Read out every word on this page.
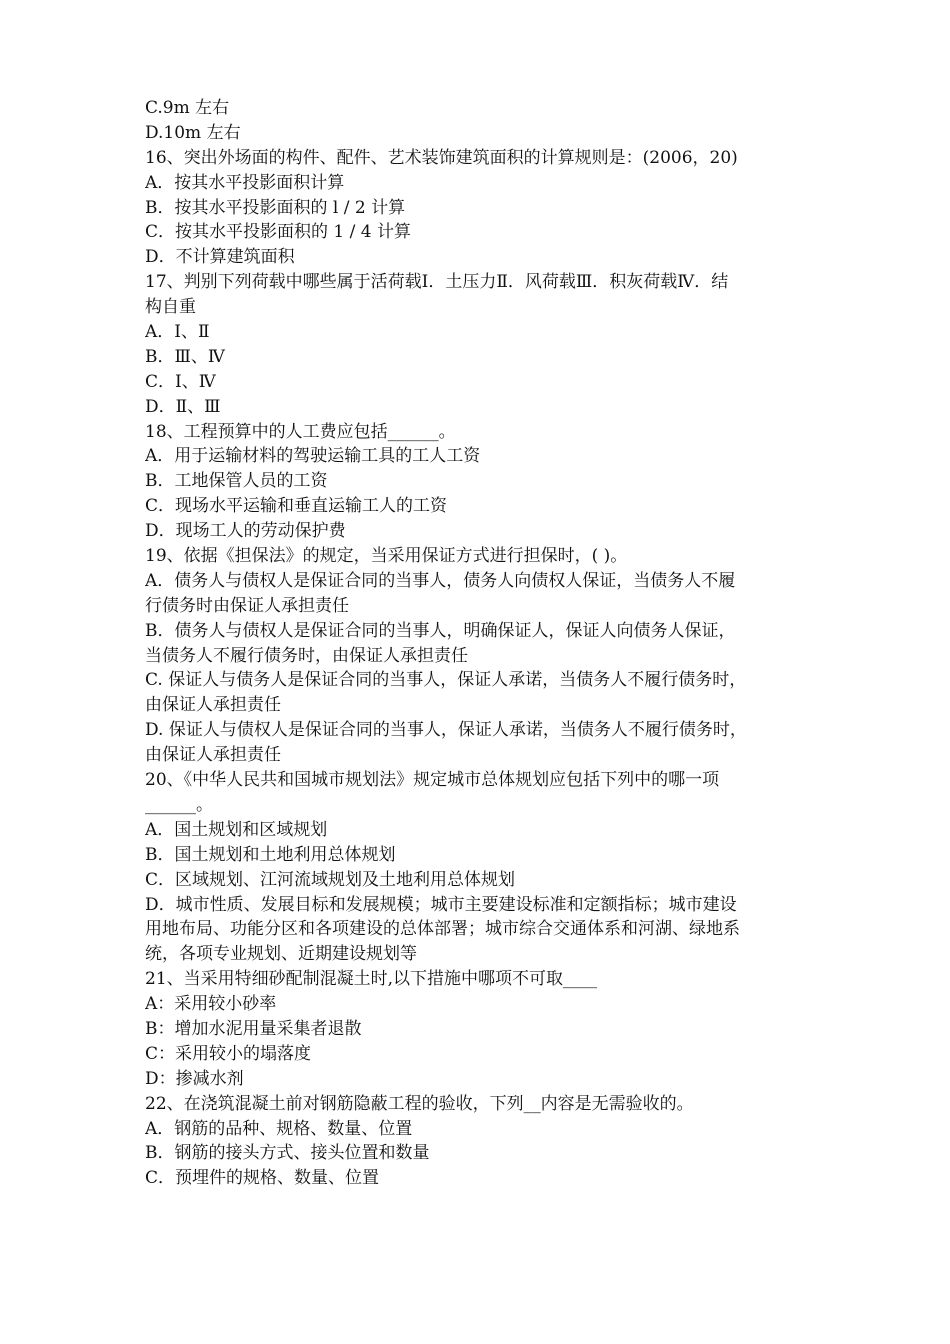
C.9m 左右
D.10m 左右
16、突出外场面的构件、配件、艺术装饰建筑面积的计算规则是：(2006，20)
A．按其水平投影面积计算
B．按其水平投影面积的 l / 2 计算
C．按其水平投影面积的 1 / 4 计算
D．不计算建筑面积
17、判别下列荷载中哪些属于活荷载Ⅰ．土压力Ⅱ．风荷载Ⅲ．积灰荷载Ⅳ．结
构自重
A．Ⅰ、Ⅱ
B．Ⅲ、Ⅳ
C．Ⅰ、Ⅳ
D．Ⅱ、Ⅲ
18、工程预算中的人工费应包括______。
A．用于运输材料的驾驶运输工具的工人工资
B．工地保管人员的工资
C．现场水平运输和垂直运输工人的工资
D．现场工人的劳动保护费
19、依据《担保法》的规定，当采用保证方式进行担保时，( )。
A．债务人与债权人是保证合同的当事人，债务人向债权人保证，当债务人不履
行债务时由保证人承担责任
B．债务人与债权人是保证合同的当事人，明确保证人，保证人向债务人保证，
当债务人不履行债务时，由保证人承担责任
C. 保证人与债务人是保证合同的当事人，保证人承诺，当债务人不履行债务时，
由保证人承担责任
D. 保证人与债权人是保证合同的当事人，保证人承诺，当债务人不履行债务时，
由保证人承担责任
20、《中华人民共和国城市规划法》规定城市总体规划应包括下列中的哪一项
______。
A．国土规划和区域规划
B．国土规划和土地利用总体规划
C．区域规划、江河流域规划及土地利用总体规划
D．城市性质、发展目标和发展规模；城市主要建设标准和定额指标；城市建设
用地布局、功能分区和各项建设的总体部署；城市综合交通体系和河湖、绿地系
统，各项专业规划、近期建设规划等
21、当采用特细砂配制混凝土时,以下措施中哪项不可取____
A：采用较小砂率
B：增加水泥用量采集者退散
C：采用较小的塌落度
D：掺减水剂
22、在浇筑混凝土前对钢筋隐蔽工程的验收，下列__内容是无需验收的。
A．钢筋的品种、规格、数量、位置
B．钢筋的接头方式、接头位置和数量
C．预埋件的规格、数量、位置
